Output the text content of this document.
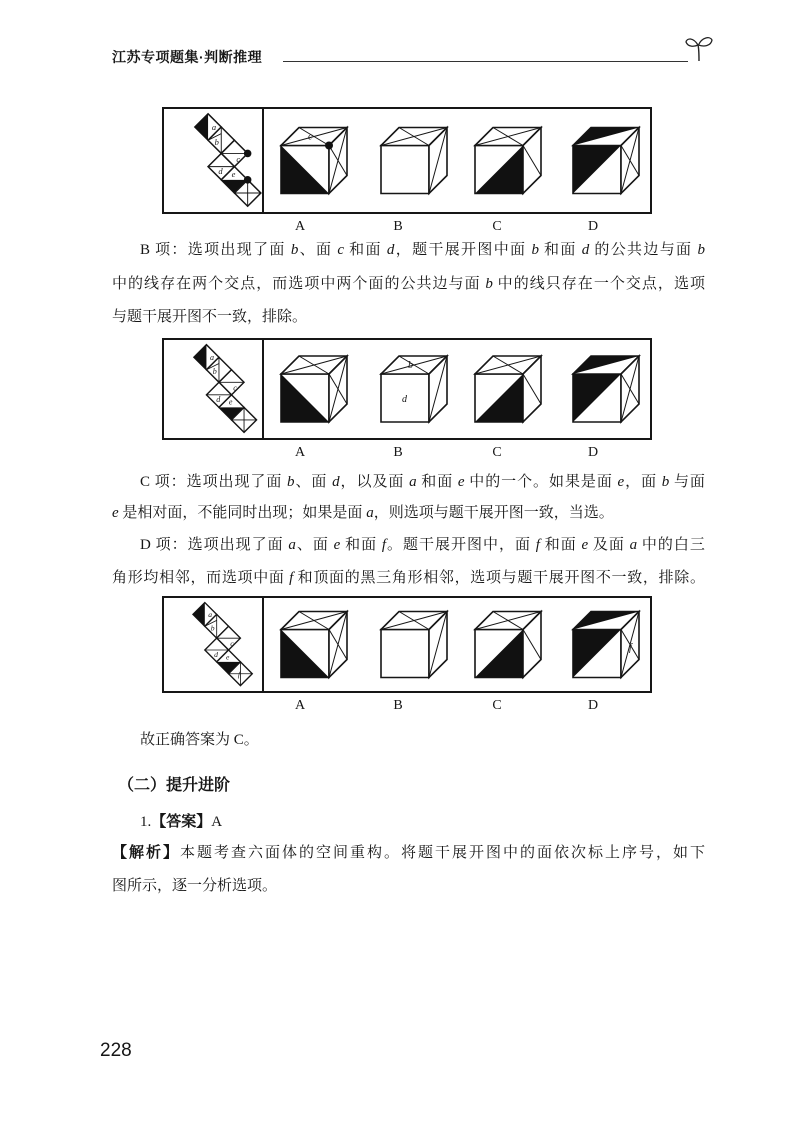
江苏专项题集·判断推理
a
b
c
d e
c
B 项：选项出现了面 b、面 c 和面 d，题干展开图中面 b 和面 d 的公共边与面 b
中的线存在两个交点，而选项中两个面的公共边与面 b 中的线只存在一个交点，选项
与题干展开图不一致，排除。
a
b
c
d e
b
d
C 项：选项出现了面 b、面 d，以及面 a 和面 e 中的一个。如果是面 e，面 b 与面
e 是相对面，不能同时出现；如果是面 a，则选项与题干展开图一致，当选。
D 项：选项出现了面 a、面 e 和面 f。题干展开图中，面 f 和面 e 及面 a 中的白三
角形均相邻，而选项中面 f 和顶面的黑三角形相邻，选项与题干展开图不一致，排除。
a
b
c
d e
f
f
故正确答案为 C。
（二）提升进阶
1.【答案】A
【解析】本题考查六面体的空间重构。将题干展开图中的面依次标上序号，如下
图所示，逐一分析选项。
228
A	B	C	D
A	B	C	D
A	B	C	D
